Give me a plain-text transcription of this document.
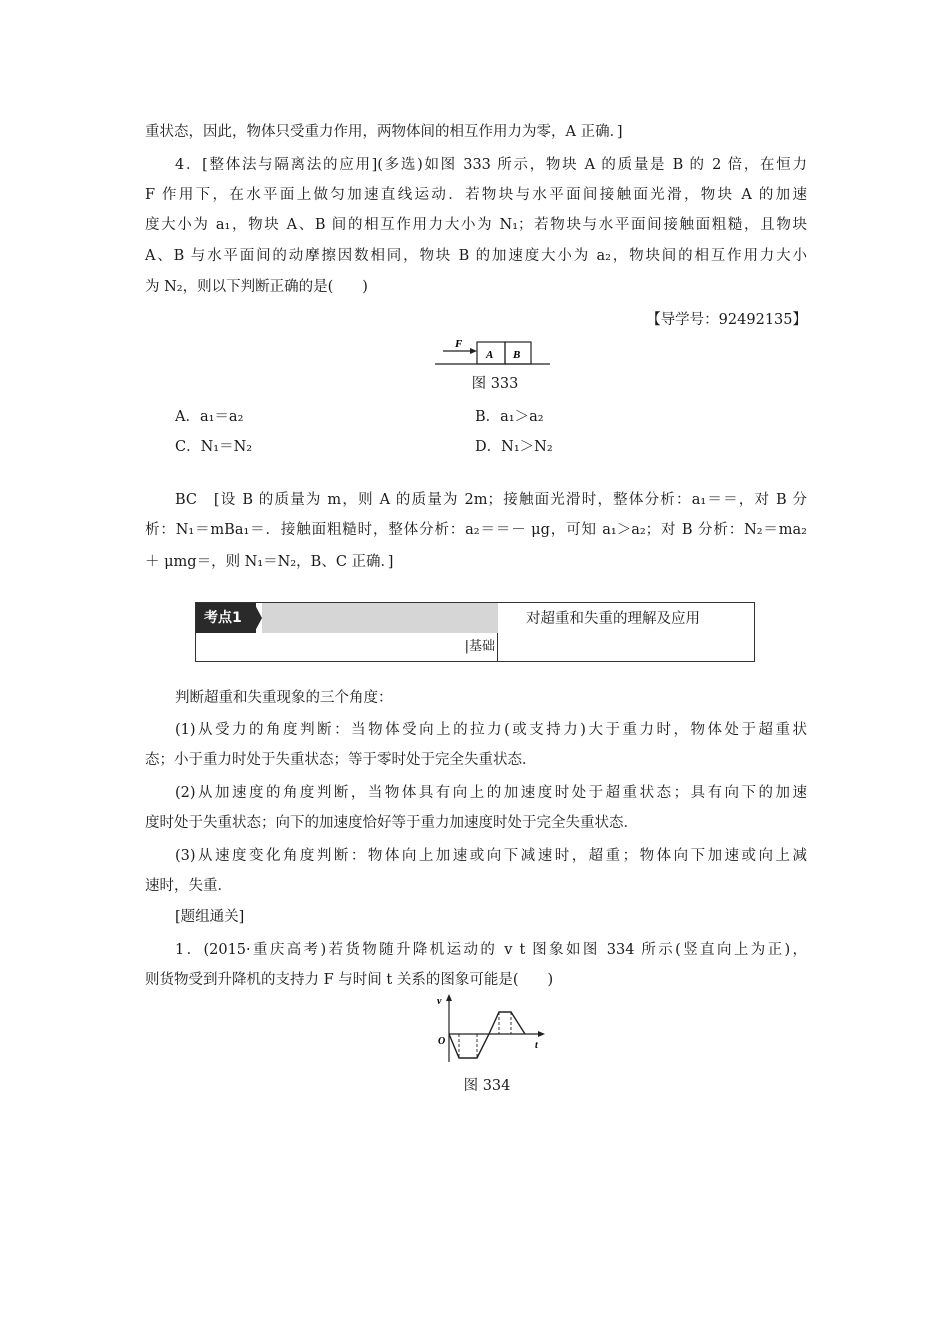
重状态，因此，物体只受重力作用，两物体间的相互作用力为零，A 正确．]
4．[整体法与隔离法的应用](多选)如图 333 所示，物块 A 的质量是 B 的 2 倍，在恒力
F 作用下，在水平面上做匀加速直线运动．若物块与水平面间接触面光滑，物块 A 的加速
度大小为 a₁，物块 A、B 间的相互作用力大小为 N₁；若物块与水平面间接触面粗糙，且物块
A、B 与水平面间的动摩擦因数相同，物块 B 的加速度大小为 a₂，物块间的相互作用力大小
为 N₂，则以下判断正确的是(　　)
【导学号：92492135】
F
A B
图 333
A．a₁＝a₂	B．a₁＞a₂
C．N₁＝N₂	D．N₁＞N₂
BC　[设 B 的质量为 m，则 A 的质量为 2m；接触面光滑时，整体分析：a₁＝＝，对 B 分
析：N₁＝mBa₁＝．接触面粗糙时，整体分析：a₂＝＝－ μg，可知 a₁＞a₂；对 B 分析：N₂＝ma₂
＋ μmg＝，则 N₁＝N₂，B、C 正确．]
考点1
|基础
对超重和失重的理解及应用
判断超重和失重现象的三个角度：
(1)从受力的角度判断：当物体受向上的拉力(或支持力)大于重力时，物体处于超重状
态；小于重力时处于失重状态；等于零时处于完全失重状态．
(2)从加速度的角度判断，当物体具有向上的加速度时处于超重状态；具有向下的加速
度时处于失重状态；向下的加速度恰好等于重力加速度时处于完全失重状态．
(3)从速度变化角度判断：物体向上加速或向下减速时，超重；物体向下加速或向上减
速时，失重．
[题组通关]
1．(2015·重庆高考)若货物随升降机运动的 v t 图象如图 334 所示(竖直向上为正)，
则货物受到升降机的支持力 F 与时间 t 关系的图象可能是(　　)
v
t
O
图 334
